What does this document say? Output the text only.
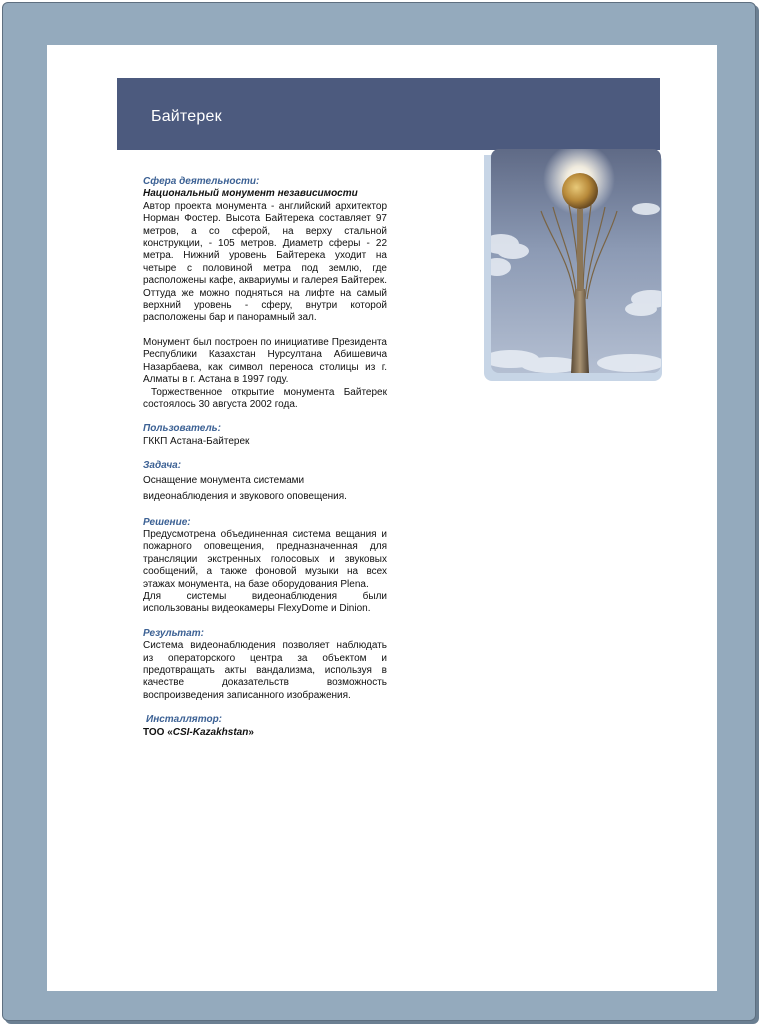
Байтерек

Сфера деятельности:

Национальный монумент независимости

Автор проекта монумента - английский архитектор Норман Фостер. Высота Байтерека составляет 97 метров, а со сферой, на верху стальной конструкции, - 105 метров. Диаметр сферы - 22 метра. Нижний уровень Байтерека уходит на четыре с половиной метра под землю, где расположены кафе, аквариумы и галерея Байтерек. Оттуда же можно подняться на лифте на самый верхний уровень - сферу, внутри которой расположены бар и панорамный зал.

Монумент был построен по инициативе Президента Республики Казахстан Нурсултана Абишевича Назарбаева, как символ переноса столицы из г. Алматы в г. Астана в 1997 году.

Торжественное открытие монумента Байтерек состоялось 30 августа 2002 года.

Пользователь:

ГККП Астана-Байтерек

Задача:

Оснащение монумента системами

видеонаблюдения и звукового оповещения.

Решение:

Предусмотрена объединенная система вещания и пожарного оповещения, предназначенная для трансляции экстренных голосовых и звуковых сообщений, а также фоновой музыки на всех этажах монумента, на базе оборудования Plena.

Для системы видеонаблюдения были использованы видеокамеры FlexyDome и Dinion.

Результат:

Система видеонаблюдения позволяет наблюдать из операторского центра за объектом и предотвращать акты вандализма, используя в качестве доказательств возможность воспроизведения записанного изображения.

Инсталлятор:

ТОО «CSI-Kazakhstan»
